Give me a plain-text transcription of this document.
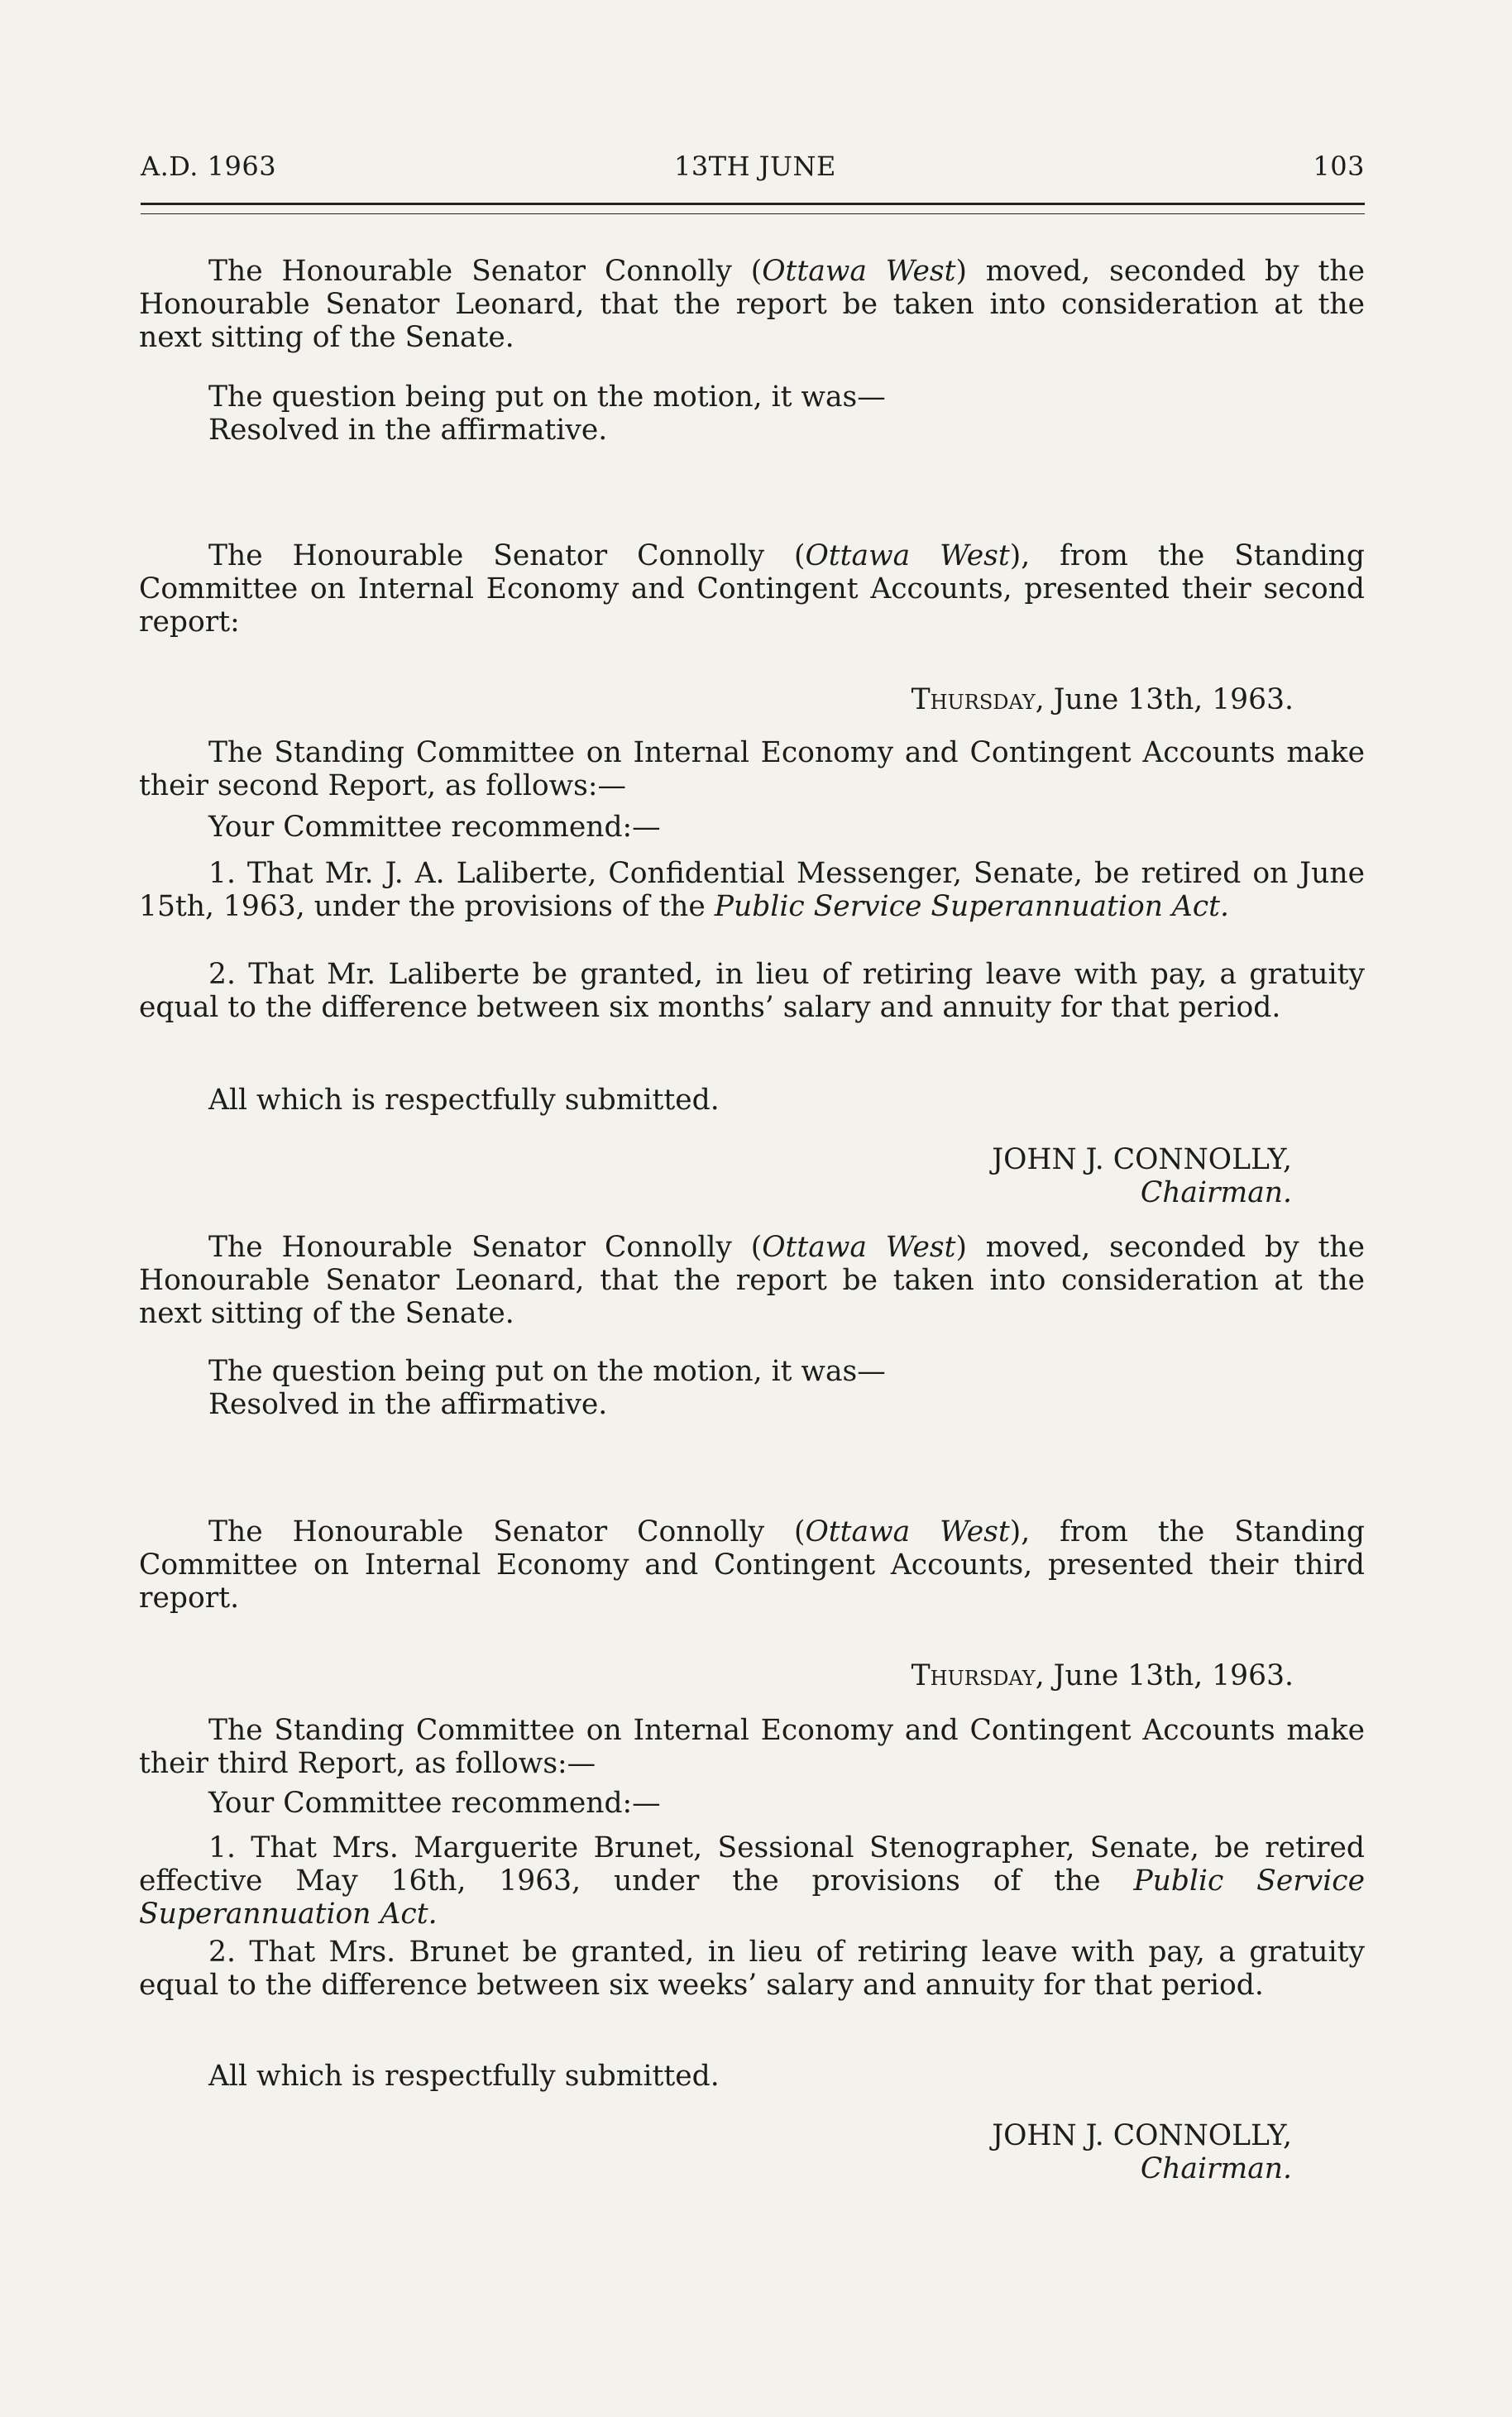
A.D. 1963	13TH JUNE	103

The Honourable Senator Connolly (Ottawa West) moved, seconded by the Honourable Senator Leonard, that the report be taken into consideration at the next sitting of the Senate.

The question being put on the motion, it was—
Resolved in the affirmative.

The Honourable Senator Connolly (Ottawa West), from the Standing Committee on Internal Economy and Contingent Accounts, presented their second report:

Thursday, June 13th, 1963.

The Standing Committee on Internal Economy and Contingent Accounts make their second Report, as follows:—

Your Committee recommend:—

1. That Mr. J. A. Laliberte, Confidential Messenger, Senate, be retired on June 15th, 1963, under the provisions of the Public Service Superannuation Act.

2. That Mr. Laliberte be granted, in lieu of retiring leave with pay, a gratuity equal to the difference between six months’ salary and annuity for that period.

All which is respectfully submitted.
JOHN J. CONNOLLY,
Chairman.

The Honourable Senator Connolly (Ottawa West) moved, seconded by the Honourable Senator Leonard, that the report be taken into consideration at the next sitting of the Senate.

The question being put on the motion, it was—
Resolved in the affirmative.

The Honourable Senator Connolly (Ottawa West), from the Standing Committee on Internal Economy and Contingent Accounts, presented their third report.

Thursday, June 13th, 1963.

The Standing Committee on Internal Economy and Contingent Accounts make their third Report, as follows:—

Your Committee recommend:—

1. That Mrs. Marguerite Brunet, Sessional Stenographer, Senate, be retired effective May 16th, 1963, under the provisions of the Public Service Superannuation Act.

2. That Mrs. Brunet be granted, in lieu of retiring leave with pay, a gratuity equal to the difference between six weeks’ salary and annuity for that period.

All which is respectfully submitted.
JOHN J. CONNOLLY,
Chairman.
